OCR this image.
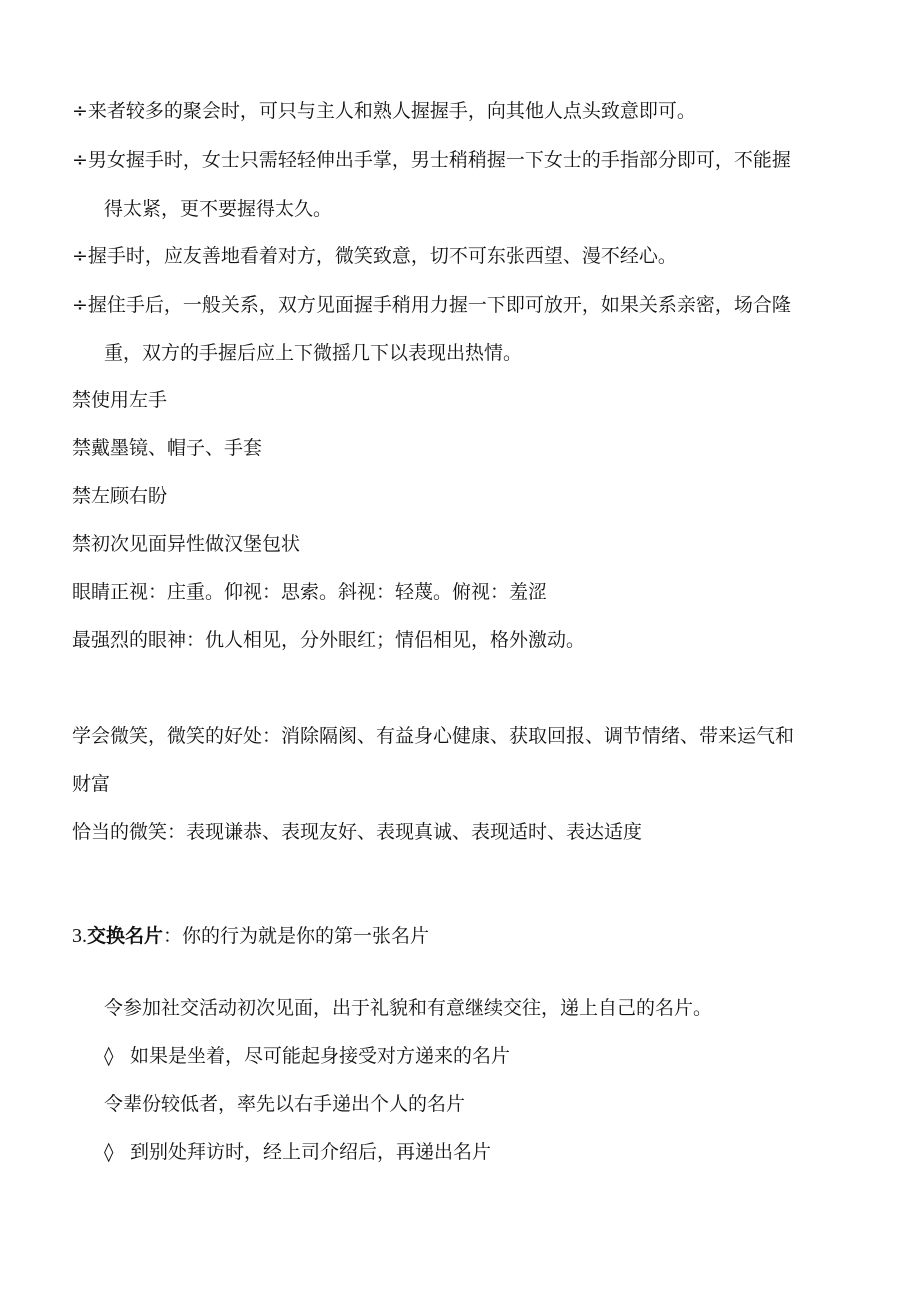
÷来者较多的聚会时，可只与主人和熟人握握手，向其他人点头致意即可。
÷男女握手时，女士只需轻轻伸出手掌，男士稍稍握一下女士的手指部分即可，不能握
得太紧，更不要握得太久。
÷握手时，应友善地看着对方，微笑致意，切不可东张西望、漫不经心。
÷握住手后，一般关系，双方见面握手稍用力握一下即可放开，如果关系亲密，场合隆
重，双方的手握后应上下微摇几下以表现出热情。
禁使用左手
禁戴墨镜、帽子、手套
禁左顾右盼
禁初次见面异性做汉堡包状
眼睛正视：庄重。仰视：思索。斜视：轻蔑。俯视：羞涩
最强烈的眼神：仇人相见，分外眼红；情侣相见，格外激动。
学会微笑，微笑的好处：消除隔阂、有益身心健康、获取回报、调节情绪、带来运气和
财富
恰当的微笑：表现谦恭、表现友好、表现真诚、表现适时、表达适度
3.交换名片：你的行为就是你的第一张名片
令参加社交活动初次见面，出于礼貌和有意继续交往，递上自己的名片。
◊ 如果是坐着，尽可能起身接受对方递来的名片
令辈份较低者，率先以右手递出个人的名片
◊ 到别处拜访时，经上司介绍后，再递出名片
